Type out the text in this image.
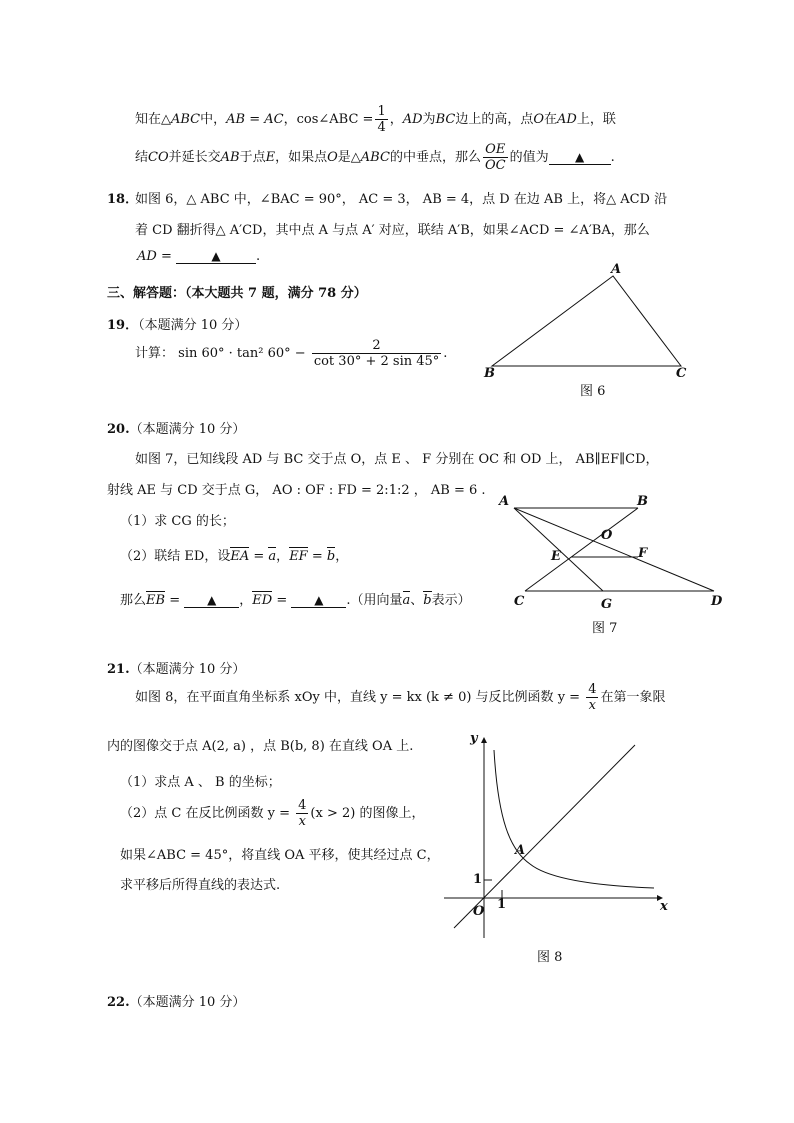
知在△ABC中，AB = AC，cos∠ABC = $\frac{1}{4}$ ，AD为BC边上的高，点O在AD上，联
结CO并延长交AB于点E，如果点O是△ABC的中垂点，那么 $\frac{OE}{OC}$ 的值为 ▲ .
18．
如图 6，△ ABC 中，∠BAC = 90°， AC = 3， AB = 4，点 D 在边 AB 上，将△ ACD 沿
着 CD 翻折得△ A′CD，其中点 A 与点 A′ 对应，联结 A′B，如果∠ACD = ∠A′BA，那么
AD =	▲	.
三、解答题：（本大题共 7 题，满分 78 分）
19．（本题满分 10 分）
计算： sin 60° · tan² $60^\circ - \frac{2}{\cot 30^\circ + 2 \sin 45^\circ}$ .
A
B	C
图 6
20.（本题满分 10 分）
如图 7，已知线段 AD 与 BC 交于点 O，点 E 、 F 分别在 OC 和 OD 上， AB∥EF∥CD，
射线 AE 与 CD 交于点 G， AO : OF : FD = 2:1:2 ， AB = 6 .
（1）求 CG 的长；
（2）联结 ED，设EA = a，EF = b，
那么EB = ▲ ，ED = ▲ .（用向量a、b表示）
A	B
O
E	F
C	G	D
图 7
21.（本题满分 10 分）
如图 8，在平面直角坐标系 xOy 中，直线 y = kx (k ≠ 0) 与反比例函数 $y = \frac{4}{x}$ 在第一象限
内的图像交于点 A(2, a) ，点 B(b, 8) 在直线 OA 上.
（1）求点 A 、 B 的坐标；
（2）点 C 在反比例函数 $y = \frac{4}{x} (x > 2)$ 的图像上，
如果∠ABC = 45°，将直线 OA 平移，使其经过点 C，
求平移后所得直线的表达式.
y
x
O
A
1
1
图 8
22.（本题满分 10 分）
